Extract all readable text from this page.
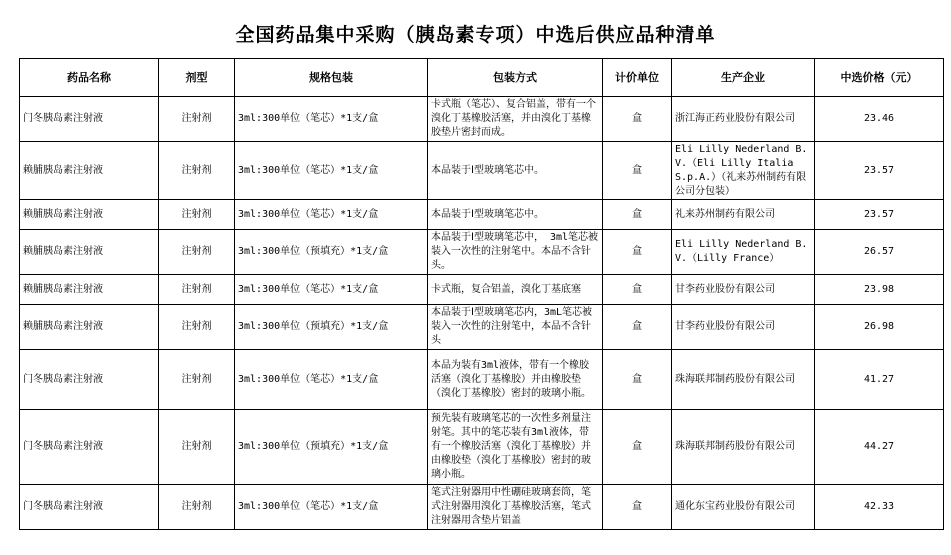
全国药品集中采购（胰岛素专项）中选后供应品种清单
药品名称	剂型	规格包装	包装方式	计价单位	生产企业	中选价格（元）

门冬胰岛素注射液	注射剂	3ml:300单位（笔芯）*1支/盒	卡式瓶（笔芯）、复合铝盖，带有一个溴化丁基橡胶活塞，并由溴化丁基橡胶垫片密封而成。	盒	浙江海正药业股份有限公司	23.46

赖脯胰岛素注射液	注射剂	3ml:300单位（笔芯）*1支/盒	本品装于Ⅰ型玻璃笔芯中。	盒	Eli Lilly Nederland B.V.（Eli Lilly Italia S.p.A.）（礼来苏州制药有限公司分包装）	23.57

赖脯胰岛素注射液	注射剂	3ml:300单位（笔芯）*1支/盒	本品装于Ⅰ型玻璃笔芯中。	盒	礼来苏州制药有限公司	23.57

赖脯胰岛素注射液	注射剂	3ml:300单位（预填充）*1支/盒	本品装于Ⅰ型玻璃笔芯中， 3ml笔芯被装入一次性的注射笔中。本品不含针头。	盒	Eli Lilly Nederland B.V.（Lilly France）	26.57

赖脯胰岛素注射液	注射剂	3ml:300单位（笔芯）*1支/盒	卡式瓶，复合铝盖，溴化丁基底塞	盒	甘李药业股份有限公司	23.98

赖脯胰岛素注射液	注射剂	3ml:300单位（预填充）*1支/盒	本品装于Ⅰ型玻璃笔芯内，3mL笔芯被装入一次性的注射笔中，本品不含针头	盒	甘李药业股份有限公司	26.98

门冬胰岛素注射液	注射剂	3ml:300单位（笔芯）*1支/盒	本品为装有3ml液体，带有一个橡胶活塞（溴化丁基橡胶）并由橡胶垫（溴化丁基橡胶）密封的玻璃小瓶。	盒	珠海联邦制药股份有限公司	41.27

门冬胰岛素注射液	注射剂	3ml:300单位（预填充）*1支/盒	预先装有玻璃笔芯的一次性多剂量注射笔。其中的笔芯装有3ml液体，带有一个橡胶活塞（溴化丁基橡胶）并由橡胶垫（溴化丁基橡胶）密封的玻璃小瓶。	盒	珠海联邦制药股份有限公司	44.27

门冬胰岛素注射液	注射剂	3ml:300单位（笔芯）*1支/盒	笔式注射器用中性硼硅玻璃套筒，笔式注射器用溴化丁基橡胶活塞，笔式注射器用含垫片铝盖	盒	通化东宝药业股份有限公司	42.33
